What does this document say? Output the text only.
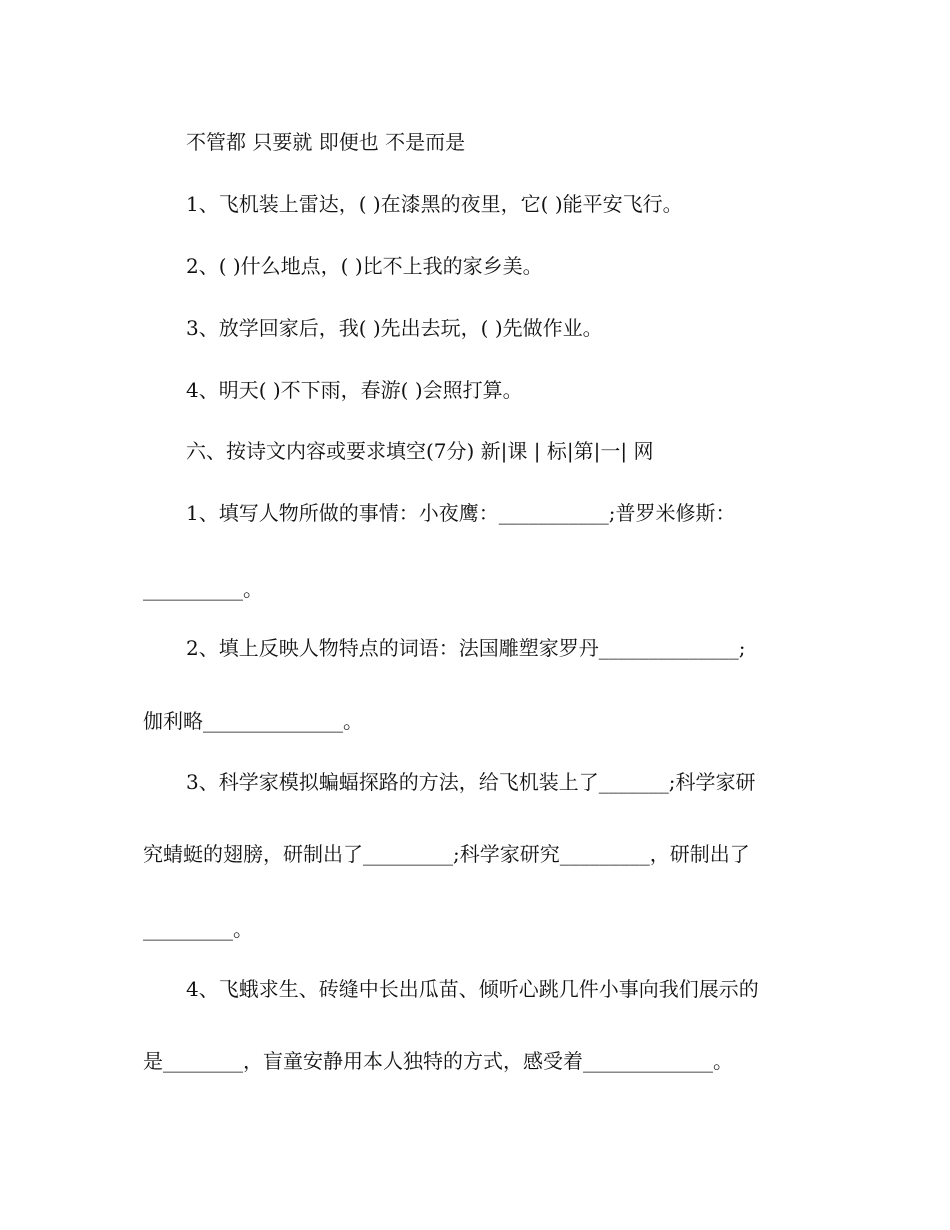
不管都 只要就 即便也 不是而是
1、飞机装上雷达，( )在漆黑的夜里，它( )能平安飞行。
2、( )什么地点，( )比不上我的家乡美。
3、放学回家后，我( )先出去玩，( )先做作业。
4、明天( )不下雨，春游( )会照打算。
六、按诗文内容或要求填空(7分) 新|课 | 标|第|一| 网
1、填写人物所做的事情：小夜鹰：___________;普罗米修斯：
__________。
2、填上反映人物特点的词语：法国雕塑家罗丹______________;
伽利略______________。
3、科学家模拟蝙蝠探路的方法，给飞机装上了_______;科学家研
究蜻蜓的翅膀，研制出了_________;科学家研究_________，研制出了
_________。
4、飞蛾求生、砖缝中长出瓜苗、倾听心跳几件小事向我们展示的
是________，盲童安静用本人独特的方式，感受着_____________。
